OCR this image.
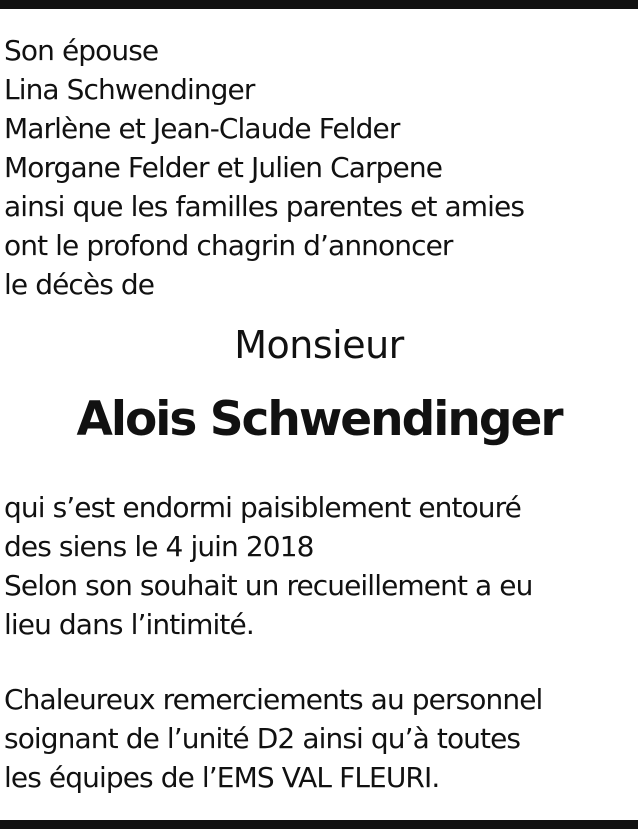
Son épouse
Lina Schwendinger
Marlène et Jean-Claude Felder
Morgane Felder et Julien Carpene
ainsi que les familles parentes et amies
ont le profond chagrin d’annoncer
le décès de
Monsieur
Alois Schwendinger
qui s’est endormi paisiblement entouré
des siens le 4 juin 2018
Selon son souhait un recueillement a eu
lieu dans l’intimité.
Chaleureux remerciements au personnel
soignant de l’unité D2 ainsi qu’à toutes
les équipes de l’EMS VAL FLEURI.
